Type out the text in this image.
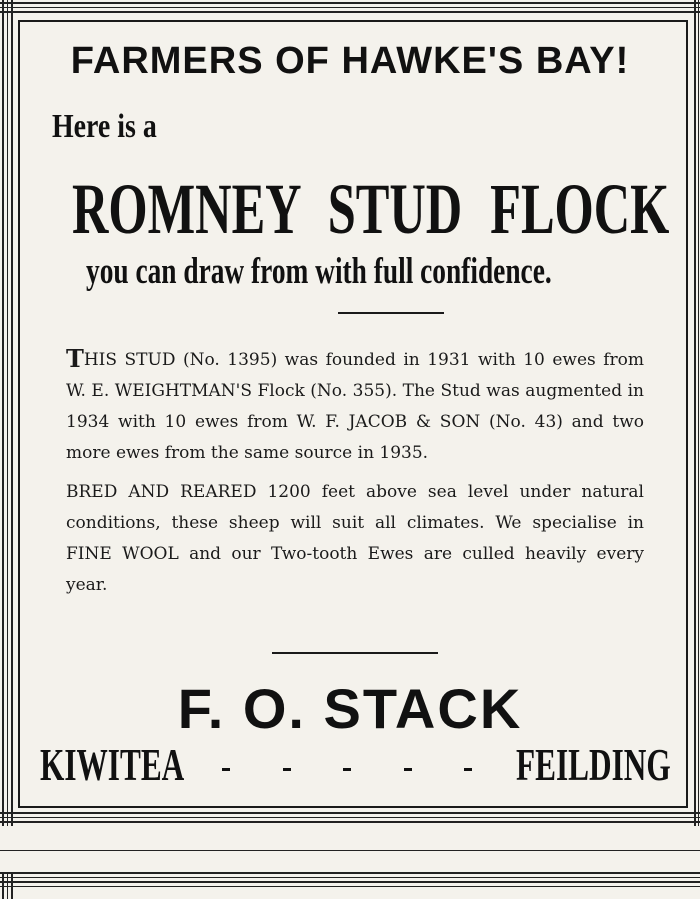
FARMERS OF HAWKE'S BAY!
Here is a
ROMNEY STUD FLOCK
you can draw from with full confidence.

THIS STUD (No. 1395) was founded in 1931 with 10 ewes from W. E. WEIGHTMAN'S Flock (No. 355). The Stud was augmented in 1934 with 10 ewes from W. F. JACOB & SON (No. 43) and two more ewes from the same source in 1935.

BRED AND REARED 1200 feet above sea level under natural conditions, these sheep will suit all climates. We specialise in FINE WOOL and our Two-tooth Ewes are culled heavily every year.

F. O. STACK
KIWITEA	FEILDING
